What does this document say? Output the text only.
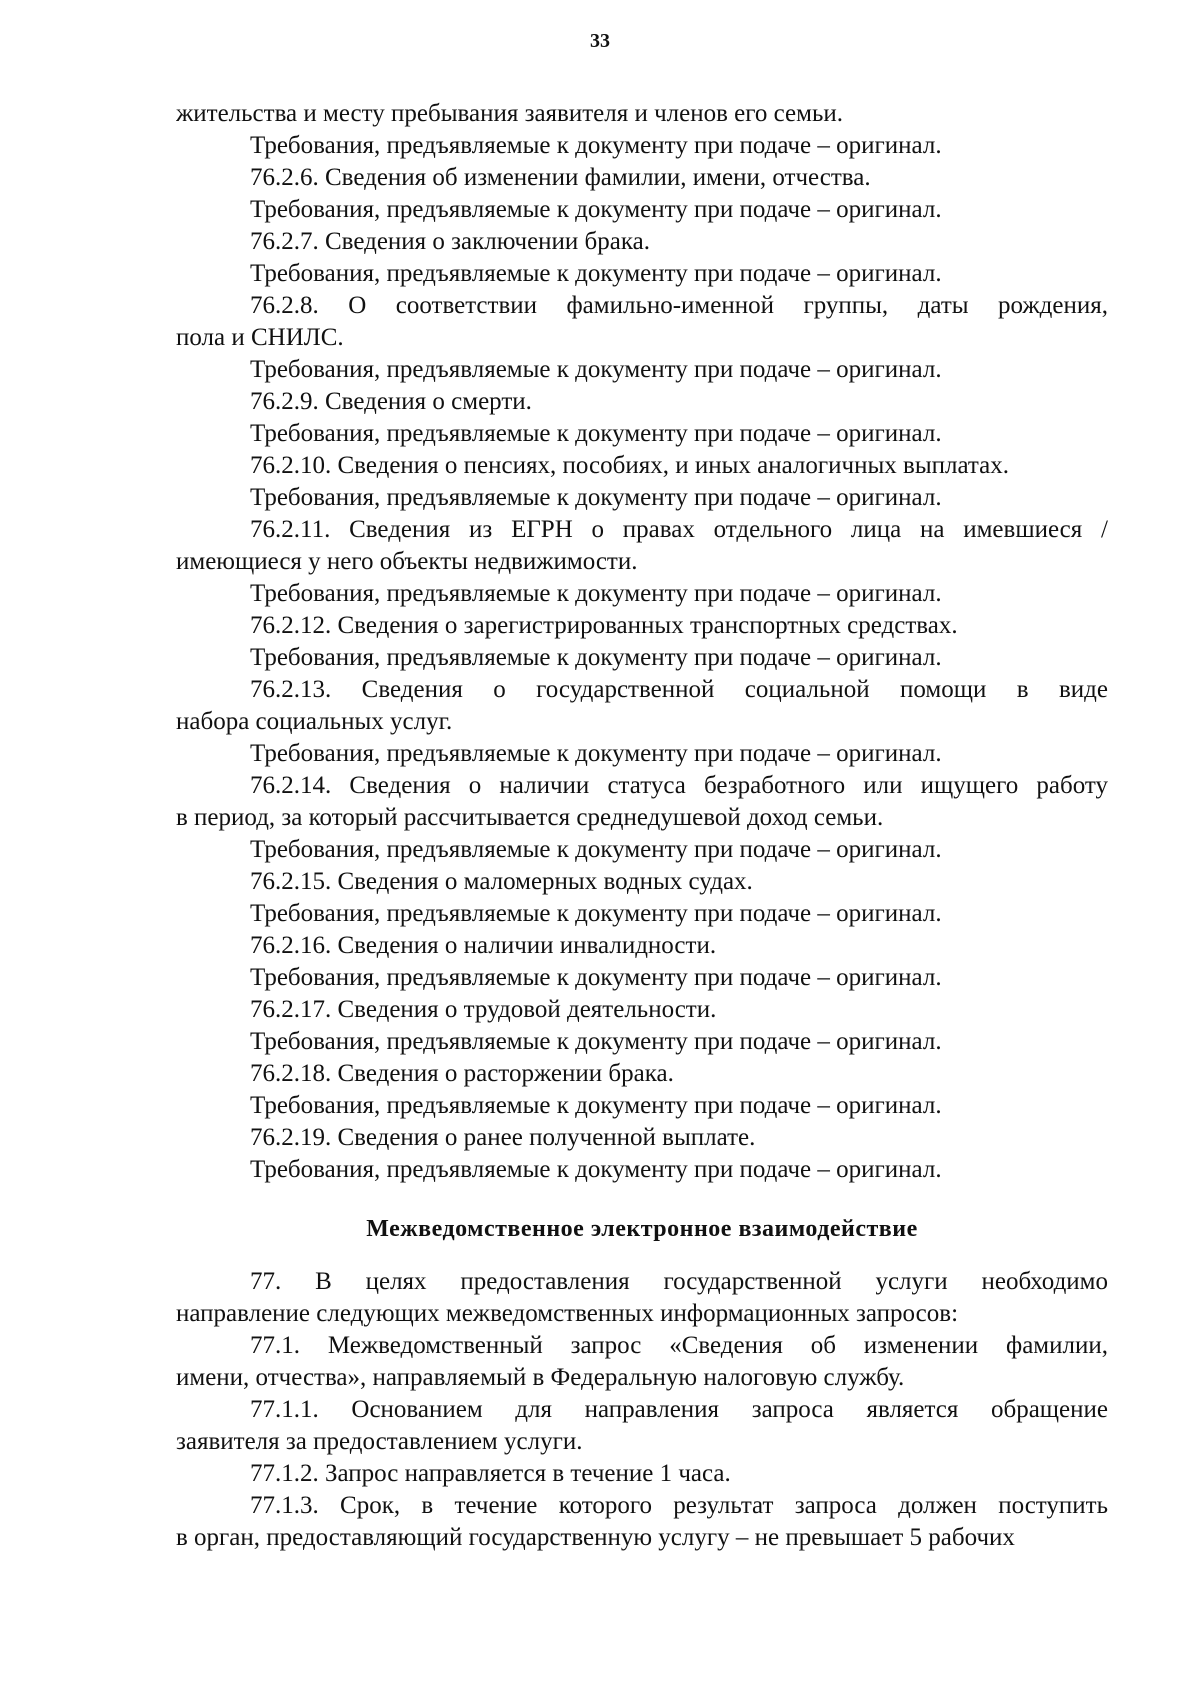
33
жительства и месту пребывания заявителя и членов его семьи.
Требования, предъявляемые к документу при подаче – оригинал.
76.2.6. Сведения об изменении фамилии, имени, отчества.
Требования, предъявляемые к документу при подаче – оригинал.
76.2.7. Сведения о заключении брака.
Требования, предъявляемые к документу при подаче – оригинал.
76.2.8. О соответствии фамильно-именной группы, даты рождения,
пола и СНИЛС.
Требования, предъявляемые к документу при подаче – оригинал.
76.2.9. Сведения о смерти.
Требования, предъявляемые к документу при подаче – оригинал.
76.2.10. Сведения о пенсиях, пособиях, и иных аналогичных выплатах.
Требования, предъявляемые к документу при подаче – оригинал.
76.2.11. Сведения из ЕГРН о правах отдельного лица на имевшиеся /
имеющиеся у него объекты недвижимости.
Требования, предъявляемые к документу при подаче – оригинал.
76.2.12. Сведения о зарегистрированных транспортных средствах.
Требования, предъявляемые к документу при подаче – оригинал.
76.2.13. Сведения о государственной социальной помощи в виде
набора социальных услуг.
Требования, предъявляемые к документу при подаче – оригинал.
76.2.14. Сведения о наличии статуса безработного или ищущего работу
в период, за который рассчитывается среднедушевой доход семьи.
Требования, предъявляемые к документу при подаче – оригинал.
76.2.15. Сведения о маломерных водных судах.
Требования, предъявляемые к документу при подаче – оригинал.
76.2.16. Сведения о наличии инвалидности.
Требования, предъявляемые к документу при подаче – оригинал.
76.2.17. Сведения о трудовой деятельности.
Требования, предъявляемые к документу при подаче – оригинал.
76.2.18. Сведения о расторжении брака.
Требования, предъявляемые к документу при подаче – оригинал.
76.2.19. Сведения о ранее полученной выплате.
Требования, предъявляемые к документу при подаче – оригинал.
Межведомственное электронное взаимодействие
77. В целях предоставления государственной услуги необходимо
направление следующих межведомственных информационных запросов:
77.1. Межведомственный запрос «Сведения об изменении фамилии,
имени, отчества», направляемый в Федеральную налоговую службу.
77.1.1. Основанием для направления запроса является обращение
заявителя за предоставлением услуги.
77.1.2. Запрос направляется в течение 1 часа.
77.1.3. Срок, в течение которого результат запроса должен поступить
в орган, предоставляющий государственную услугу – не превышает 5 рабочих
